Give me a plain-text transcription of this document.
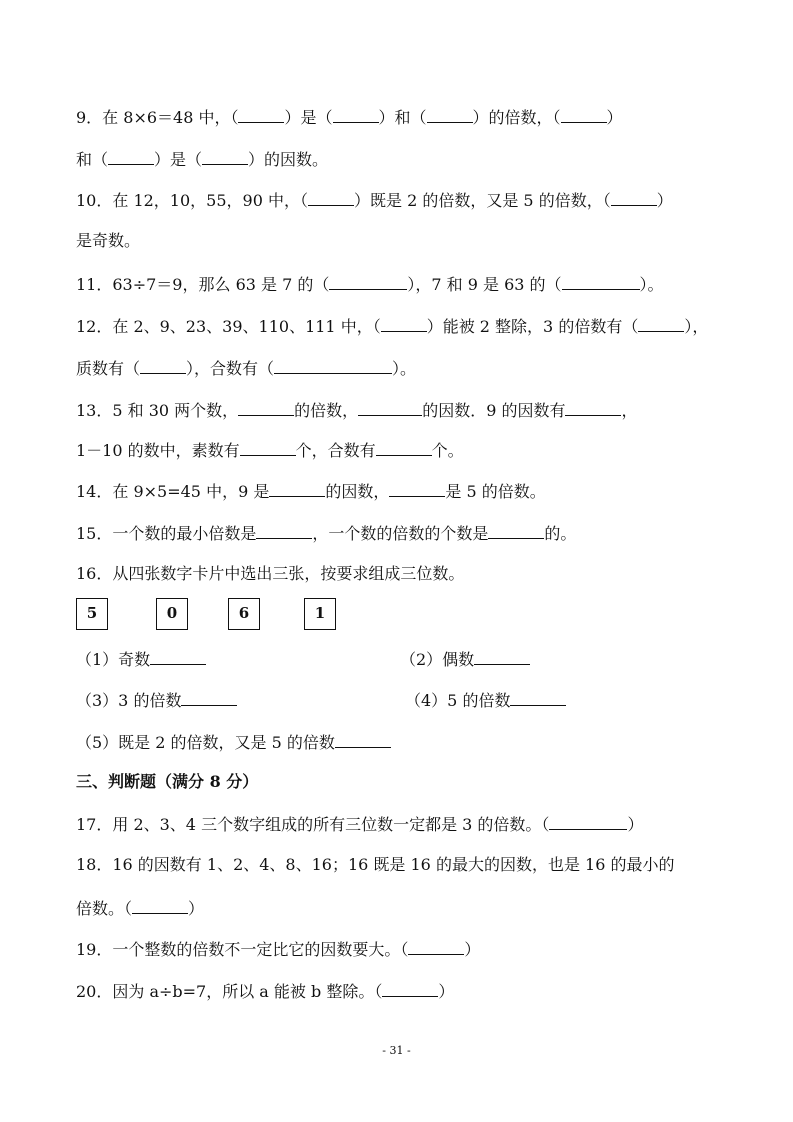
9．在 8×6＝48 中，（	）是（	）和（	）的倍数，（	）
和（	）是（	）的因数。
10．在 12，10，55，90 中，（	）既是 2 的倍数，又是 5 的倍数，（	）
是奇数。
11．63÷7＝9，那么 63 是 7 的（	），7 和 9 是 63 的（	）。
12．在 2、9、23、39、110、111 中，（	）能被 2 整除，3 的倍数有（	），
质数有（	），合数有（	）。
13．5 和 30 两个数，	的倍数，	的因数．9 的因数有	，
1－10 的数中，素数有	个，合数有	个。
14．在 9×5=45 中，9 是	的因数，	是 5 的倍数。
15．一个数的最小倍数是	，一个数的倍数的个数是	的。
16．从四张数字卡片中选出三张，按要求组成三位数。
5	0	6	1
（1）奇数	（2）偶数
（3）3 的倍数	（4）5 的倍数
（5）既是 2 的倍数，又是 5 的倍数
三、判断题（满分 8 分）
17．用 2、3、4 三个数字组成的所有三位数一定都是 3 的倍数。（	）
18．16 的因数有 1、2、4、8、16；16 既是 16 的最大的因数，也是 16 的最小的
倍数。（	）
19．一个整数的倍数不一定比它的因数要大。（	）
20．因为 a÷b=7，所以 a 能被 b 整除。（	）
- 31 -
